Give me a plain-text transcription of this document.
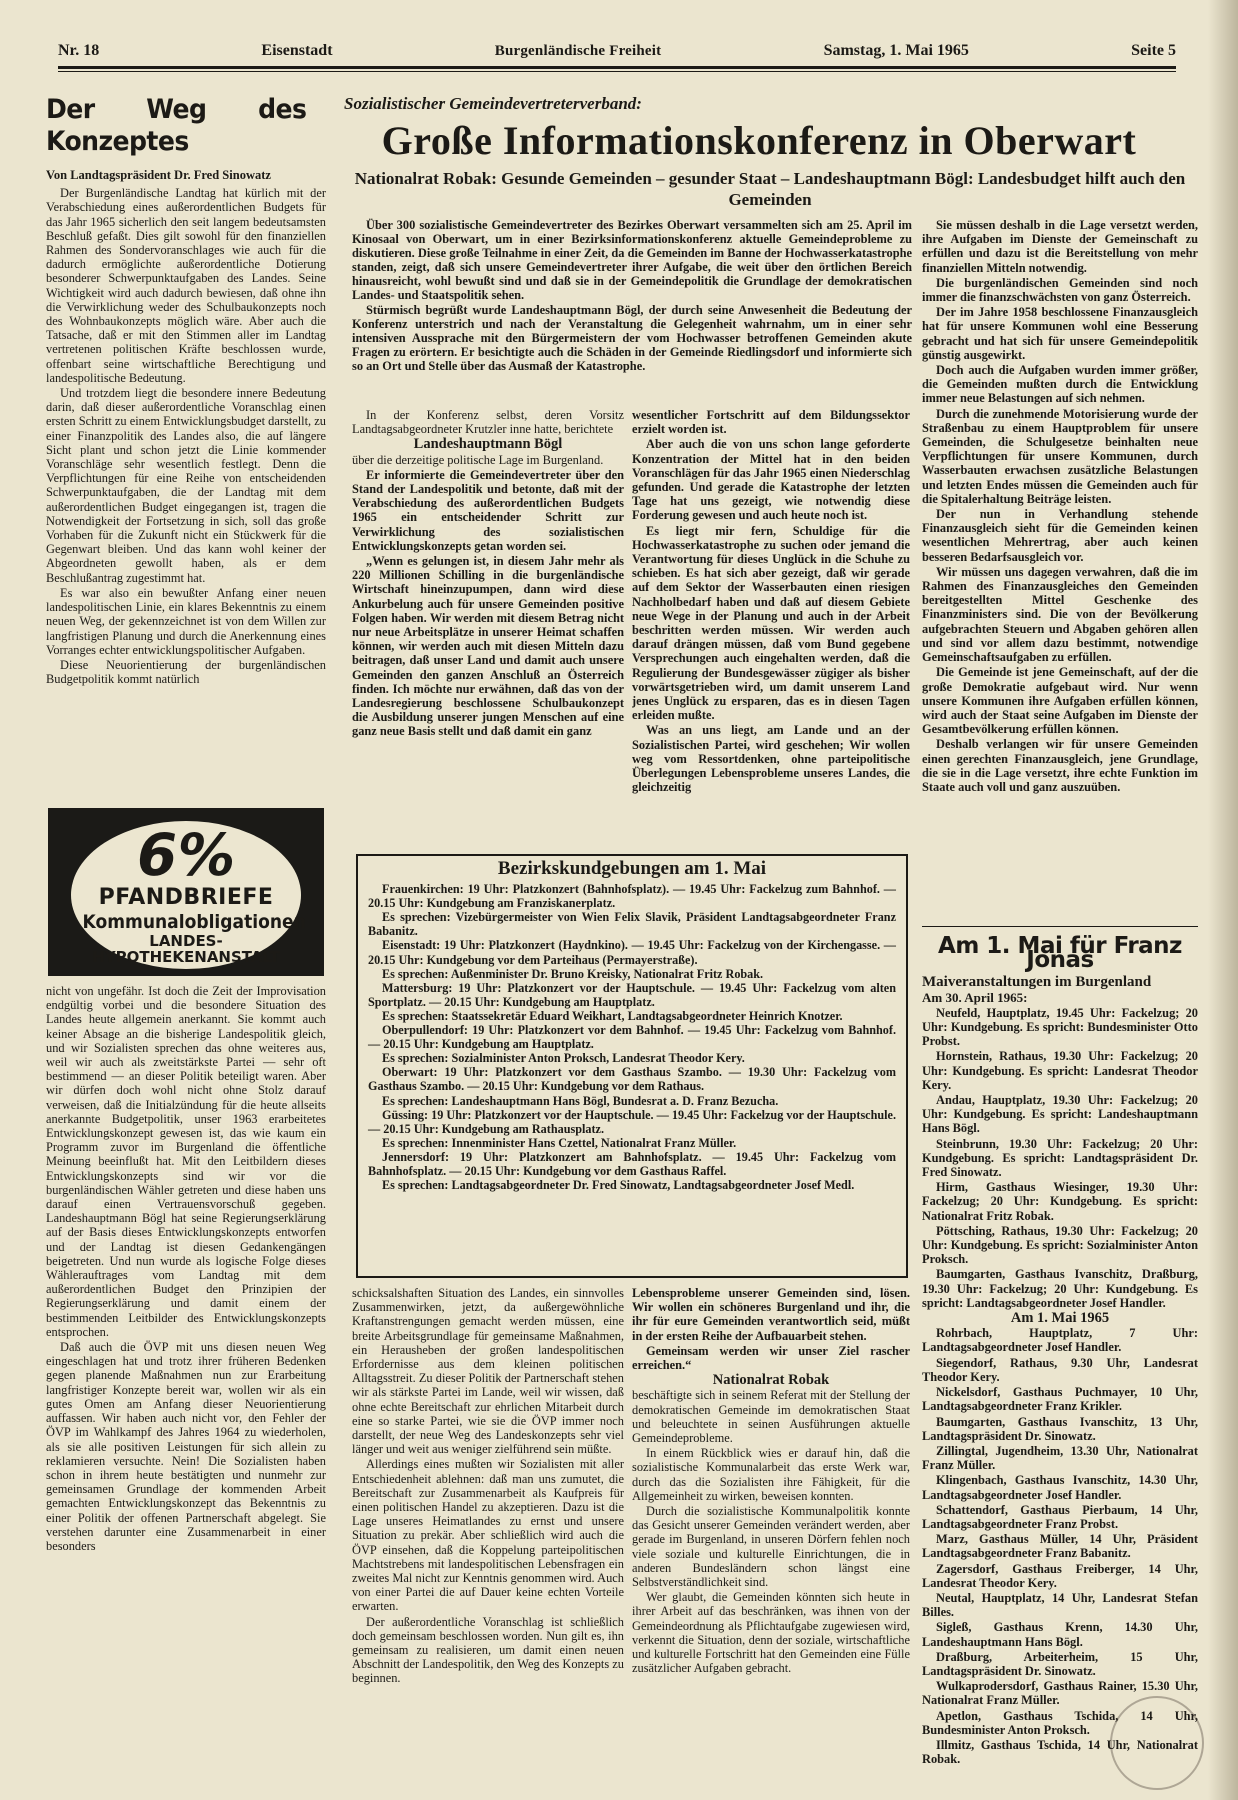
Nr. 18	Eisenstadt	Burgenländische Freiheit	Samstag, 1. Mai 1965	Seite 5
Der Weg des Konzeptes
Von Landtagspräsident Dr. Fred Sinowatz

Der Burgenländische Landtag hat kürlich mit der Verabschiedung eines außerordentlichen Budgets für das Jahr 1965 sicherlich den seit langem bedeutsamsten Beschluß gefaßt. Dies gilt sowohl für den finanziellen Rahmen des Sondervoranschlages wie auch für die dadurch ermöglichte außerordentliche Dotierung besonderer Schwerpunktaufgaben des Landes. Seine Wichtigkeit wird auch dadurch bewiesen, daß ohne ihn die Verwirklichung weder des Schulbaukonzepts noch des Wohnbaukonzepts möglich wäre. Aber auch die Tatsache, daß er mit den Stimmen aller im Landtag vertretenen politischen Kräfte beschlossen wurde, offenbart seine wirtschaftliche Berechtigung und landespolitische Bedeutung.

Und trotzdem liegt die besondere innere Bedeutung darin, daß dieser außerordentliche Voranschlag einen ersten Schritt zu einem Entwicklungsbudget darstellt, zu einer Finanzpolitik des Landes also, die auf längere Sicht plant und schon jetzt die Linie kommender Voranschläge sehr wesentlich festlegt. Denn die Verpflichtungen für eine Reihe von entscheidenden Schwerpunktaufgaben, die der Landtag mit dem außerordentlichen Budget eingegangen ist, tragen die Notwendigkeit der Fortsetzung in sich, soll das große Vorhaben für die Zukunft nicht ein Stückwerk für die Gegenwart bleiben. Und das kann wohl keiner der Abgeordneten gewollt haben, als er dem Beschlußantrag zugestimmt hat.

Es war also ein bewußter Anfang einer neuen landespolitischen Linie, ein klares Bekenntnis zu einem neuen Weg, der gekennzeichnet ist von dem Willen zur langfristigen Planung und durch die Anerkennung eines Vorranges echter entwicklungspolitischer Aufgaben.

Diese Neuorientierung der burgenländischen Budgetpolitik kommt natürlich

6%
PFANDBRIEFE
Kommunalobligationen
LANDES-
HYPOTHEKENANSTALT

nicht von ungefähr. Ist doch die Zeit der Improvisation endgültig vorbei und die besondere Situation des Landes heute allgemein anerkannt. Sie kommt auch keiner Absage an die bisherige Landespolitik gleich, und wir Sozialisten sprechen das ohne weiteres aus, weil wir auch als zweitstärkste Partei — sehr oft bestimmend — an dieser Politik beteiligt waren. Aber wir dürfen doch wohl nicht ohne Stolz darauf verweisen, daß die Initialzündung für die heute allseits anerkannte Budgetpolitik, unser 1963 erarbeitetes Entwicklungskonzept gewesen ist, das wie kaum ein Programm zuvor im Burgenland die öffentliche Meinung beeinflußt hat. Mit den Leitbildern dieses Entwicklungskonzepts sind wir vor die burgenländischen Wähler getreten und diese haben uns darauf einen Vertrauensvorschuß gegeben. Landeshauptmann Bögl hat seine Regierungserklärung auf der Basis dieses Entwicklungskonzepts entworfen und der Landtag ist diesen Gedankengängen beigetreten. Und nun wurde als logische Folge dieses Wählerauftrages vom Landtag mit dem außerordentlichen Budget den Prinzipien der Regierungserklärung und damit einem der bestimmenden Leitbilder des Entwicklungskonzepts entsprochen.

Daß auch die ÖVP mit uns diesen neuen Weg eingeschlagen hat und trotz ihrer früheren Bedenken gegen planende Maßnahmen nun zur Erarbeitung langfristiger Konzepte bereit war, wollen wir als ein gutes Omen am Anfang dieser Neuorientierung auffassen. Wir haben auch nicht vor, den Fehler der ÖVP im Wahlkampf des Jahres 1964 zu wiederholen, als sie alle positiven Leistungen für sich allein zu reklamieren versuchte. Nein! Die Sozialisten haben schon in ihrem heute bestätigten und nunmehr zur gemeinsamen Grundlage der kommenden Arbeit gemachten Entwicklungskonzept das Bekenntnis zu einer Politik der offenen Partnerschaft abgelegt. Sie verstehen darunter eine Zusammenarbeit in einer besonders

Sozialistischer Gemeindevertreterverband:
Große Informationskonferenz in Oberwart
Nationalrat Robak: Gesunde Gemeinden – gesunder Staat – Landeshauptmann Bögl: Landesbudget hilft auch den Gemeinden

Über 300 sozialistische Gemeindevertreter des Bezirkes Oberwart versammelten sich am 25. April im Kinosaal von Oberwart, um in einer Bezirksinformationskonferenz aktuelle Gemeindeprobleme zu diskutieren. Diese große Teilnahme in einer Zeit, da die Gemeinden im Banne der Hochwasserkatastrophe standen, zeigt, daß sich unsere Gemeindevertreter ihrer Aufgabe, die weit über den örtlichen Bereich hinausreicht, wohl bewußt sind und daß sie in der Gemeindepolitik die Grundlage der demokratischen Landes- und Staatspolitik sehen.

Stürmisch begrüßt wurde Landeshauptmann Bögl, der durch seine Anwesenheit die Bedeutung der Konferenz unterstrich und nach der Veranstaltung die Gelegenheit wahrnahm, um in einer sehr intensiven Aussprache mit den Bürgermeistern der vom Hochwasser betroffenen Gemeinden akute Fragen zu erörtern. Er besichtigte auch die Schäden in der Gemeinde Riedlingsdorf und informierte sich so an Ort und Stelle über das Ausmaß der Katastrophe.

In der Konferenz selbst, deren Vorsitz Landtagsabgeordneter Krutzler inne hatte, berichtete

Landeshauptmann Bögl

über die derzeitige politische Lage im Burgenland.

Er informierte die Gemeindevertreter über den Stand der Landespolitik und betonte, daß mit der Verabschiedung des außerordentlichen Budgets 1965 ein entscheidender Schritt zur Verwirklichung des sozialistischen Entwicklungskonzepts getan worden sei.

„Wenn es gelungen ist, in diesem Jahr mehr als 220 Millionen Schilling in die burgenländische Wirtschaft hineinzupumpen, dann wird diese Ankurbelung auch für unsere Gemeinden positive Folgen haben. Wir werden mit diesem Betrag nicht nur neue Arbeitsplätze in unserer Heimat schaffen können, wir werden auch mit diesen Mitteln dazu beitragen, daß unser Land und damit auch unsere Gemeinden den ganzen Anschluß an Österreich finden. Ich möchte nur erwähnen, daß das von der Landesregierung beschlossene Schulbaukonzept die Ausbildung unserer jungen Menschen auf eine ganz neue Basis stellt und daß damit ein ganz

wesentlicher Fortschritt auf dem Bildungssektor erzielt worden ist.

Aber auch die von uns schon lange geforderte Konzentration der Mittel hat in den beiden Voranschlägen für das Jahr 1965 einen Niederschlag gefunden. Und gerade die Katastrophe der letzten Tage hat uns gezeigt, wie notwendig diese Forderung gewesen und auch heute noch ist.

Es liegt mir fern, Schuldige für die Hochwasserkatastrophe zu suchen oder jemand die Verantwortung für dieses Unglück in die Schuhe zu schieben. Es hat sich aber gezeigt, daß wir gerade auf dem Sektor der Wasserbauten einen riesigen Nachholbedarf haben und daß auf diesem Gebiete neue Wege in der Planung und auch in der Arbeit beschritten werden müssen. Wir werden auch darauf drängen müssen, daß vom Bund gegebene Versprechungen auch eingehalten werden, daß die Regulierung der Bundesgewässer zügiger als bisher vorwärtsgetrieben wird, um damit unserem Land jenes Unglück zu ersparen, das es in diesen Tagen erleiden mußte.

Was an uns liegt, am Lande und an der Sozialistischen Partei, wird geschehen; Wir wollen weg vom Ressortdenken, ohne parteipolitische Überlegungen Lebensprobleme unseres Landes, die gleichzeitig

Sie müssen deshalb in die Lage versetzt werden, ihre Aufgaben im Dienste der Gemeinschaft zu erfüllen und dazu ist die Bereitstellung von mehr finanziellen Mitteln notwendig.

Die burgenländischen Gemeinden sind noch immer die finanzschwächsten von ganz Österreich.

Der im Jahre 1958 beschlossene Finanzausgleich hat für unsere Kommunen wohl eine Besserung gebracht und hat sich für unsere Gemeindepolitik günstig ausgewirkt.

Doch auch die Aufgaben wurden immer größer, die Gemeinden mußten durch die Entwicklung immer neue Belastungen auf sich nehmen.

Durch die zunehmende Motorisierung wurde der Straßenbau zu einem Hauptproblem für unsere Gemeinden, die Schulgesetze beinhalten neue Verpflichtungen für unsere Kommunen, durch Wasserbauten erwachsen zusätzliche Belastungen und letzten Endes müssen die Gemeinden auch für die Spitalerhaltung Beiträge leisten.

Der nun in Verhandlung stehende Finanzausgleich sieht für die Gemeinden keinen wesentlichen Mehrertrag, aber auch keinen besseren Bedarfsausgleich vor.

Wir müssen uns dagegen verwahren, daß die im Rahmen des Finanzausgleiches den Gemeinden bereitgestellten Mittel Geschenke des Finanzministers sind. Die von der Bevölkerung aufgebrachten Steuern und Abgaben gehören allen und sind vor allem dazu bestimmt, notwendige Gemeinschaftsaufgaben zu erfüllen.

Die Gemeinde ist jene Gemeinschaft, auf der die große Demokratie aufgebaut wird. Nur wenn unsere Kommunen ihre Aufgaben erfüllen können, wird auch der Staat seine Aufgaben im Dienste der Gesamtbevölkerung erfüllen können.

Deshalb verlangen wir für unsere Gemeinden einen gerechten Finanzausgleich, jene Grundlage, die sie in die Lage versetzt, ihre echte Funktion im Staate auch voll und ganz auszuüben.

Bezirkskundgebungen am 1. Mai

Frauenkirchen: 19 Uhr: Platzkonzert (Bahnhofsplatz). — 19.45 Uhr: Fackelzug zum Bahnhof. — 20.15 Uhr: Kundgebung am Franziskanerplatz.

Es sprechen: Vizebürgermeister von Wien Felix Slavik, Präsident Landtagsabgeordneter Franz Babanitz.

Eisenstadt: 19 Uhr: Platzkonzert (Haydnkino). — 19.45 Uhr: Fackelzug von der Kirchengasse. — 20.15 Uhr: Kundgebung vor dem Parteihaus (Permayerstraße).

Es sprechen: Außenminister Dr. Bruno Kreisky, Nationalrat Fritz Robak.

Mattersburg: 19 Uhr: Platzkonzert vor der Hauptschule. — 19.45 Uhr: Fackelzug vom alten Sportplatz. — 20.15 Uhr: Kundgebung am Hauptplatz.

Es sprechen: Staatssekretär Eduard Weikhart, Landtagsabgeordneter Heinrich Knotzer.

Oberpullendorf: 19 Uhr: Platzkonzert vor dem Bahnhof. — 19.45 Uhr: Fackelzug vom Bahnhof. — 20.15 Uhr: Kundgebung am Hauptplatz.

Es sprechen: Sozialminister Anton Proksch, Landesrat Theodor Kery.

Oberwart: 19 Uhr: Platzkonzert vor dem Gasthaus Szambo. — 19.30 Uhr: Fackelzug vom Gasthaus Szambo. — 20.15 Uhr: Kundgebung vor dem Rathaus.

Es sprechen: Landeshauptmann Hans Bögl, Bundesrat a. D. Franz Bezucha.

Güssing: 19 Uhr: Platzkonzert vor der Hauptschule. — 19.45 Uhr: Fackelzug vor der Hauptschule. — 20.15 Uhr: Kundgebung am Rathausplatz.

Es sprechen: Innenminister Hans Czettel, Nationalrat Franz Müller.

Jennersdorf: 19 Uhr: Platzkonzert am Bahnhofsplatz. — 19.45 Uhr: Fackelzug vom Bahnhofsplatz. — 20.15 Uhr: Kundgebung vor dem Gasthaus Raffel.

Es sprechen: Landtagsabgeordneter Dr. Fred Sinowatz, Landtagsabgeordneter Josef Medl.

schicksalshaften Situation des Landes, ein sinnvolles Zusammenwirken, jetzt, da außergewöhnliche Kraftanstrengungen gemacht werden müssen, eine breite Arbeitsgrundlage für gemeinsame Maßnahmen, ein Herausheben der großen landespolitischen Erfordernisse aus dem kleinen politischen Alltagsstreit. Zu dieser Politik der Partnerschaft stehen wir als stärkste Partei im Lande, weil wir wissen, daß ohne echte Bereitschaft zur ehrlichen Mitarbeit durch eine so starke Partei, wie sie die ÖVP immer noch darstellt, der neue Weg des Landeskonzepts sehr viel länger und weit aus weniger zielführend sein müßte.

Allerdings eines mußten wir Sozialisten mit aller Entschiedenheit ablehnen: daß man uns zumutet, die Bereitschaft zur Zusammenarbeit als Kaufpreis für einen politischen Handel zu akzeptieren. Dazu ist die Lage unseres Heimatlandes zu ernst und unsere Situation zu prekär. Aber schließlich wird auch die ÖVP einsehen, daß die Koppelung parteipolitischen Machtstrebens mit landespolitischen Lebensfragen ein zweites Mal nicht zur Kenntnis genommen wird. Auch von einer Partei die auf Dauer keine echten Vorteile erwarten.

Der außerordentliche Voranschlag ist schließlich doch gemeinsam beschlossen worden. Nun gilt es, ihn gemeinsam zu realisieren, um damit einen neuen Abschnitt der Landespolitik, den Weg des Konzepts zu beginnen.

Lebensprobleme unserer Gemeinden sind, lösen. Wir wollen ein schöneres Burgenland und ihr, die ihr für eure Gemeinden verantwortlich seid, müßt in der ersten Reihe der Aufbauarbeit stehen.

Gemeinsam werden wir unser Ziel rascher erreichen.“

Nationalrat Robak

beschäftigte sich in seinem Referat mit der Stellung der demokratischen Gemeinde im demokratischen Staat und beleuchtete in seinen Ausführungen aktuelle Gemeindeprobleme.

In einem Rückblick wies er darauf hin, daß die sozialistische Kommunalarbeit das erste Werk war, durch das die Sozialisten ihre Fähigkeit, für die Allgemeinheit zu wirken, beweisen konnten.

Durch die sozialistische Kommunalpolitik konnte das Gesicht unserer Gemeinden verändert werden, aber gerade im Burgenland, in unseren Dörfern fehlen noch viele soziale und kulturelle Einrichtungen, die in anderen Bundesländern schon längst eine Selbstverständlichkeit sind.

Wer glaubt, die Gemeinden könnten sich heute in ihrer Arbeit auf das beschränken, was ihnen von der Gemeindeordnung als Pflichtaufgabe zugewiesen wird, verkennt die Situation, denn der soziale, wirtschaftliche und kulturelle Fortschritt hat den Gemeinden eine Fülle zusätzlicher Aufgaben gebracht.

Am 1. Mai für Franz Jonas

Maiveranstaltungen im Burgenland

Am 30. April 1965:

Neufeld, Hauptplatz, 19.45 Uhr: Fackelzug; 20 Uhr: Kundgebung. Es spricht: Bundesminister Otto Probst.

Hornstein, Rathaus, 19.30 Uhr: Fackelzug; 20 Uhr: Kundgebung. Es spricht: Landesrat Theodor Kery.

Andau, Hauptplatz, 19.30 Uhr: Fackelzug; 20 Uhr: Kundgebung. Es spricht: Landeshauptmann Hans Bögl.

Steinbrunn, 19.30 Uhr: Fackelzug; 20 Uhr: Kundgebung. Es spricht: Landtagspräsident Dr. Fred Sinowatz.

Hirm, Gasthaus Wiesinger, 19.30 Uhr: Fackelzug; 20 Uhr: Kundgebung. Es spricht: Nationalrat Fritz Robak.

Pöttsching, Rathaus, 19.30 Uhr: Fackelzug; 20 Uhr: Kundgebung. Es spricht: Sozialminister Anton Proksch.

Baumgarten, Gasthaus Ivanschitz, Draßburg, 19.30 Uhr: Fackelzug; 20 Uhr: Kundgebung. Es spricht: Landtagsabgeordneter Josef Handler.

Am 1. Mai 1965

Rohrbach, Hauptplatz, 7 Uhr: Landtagsabgeordneter Josef Handler.

Siegendorf, Rathaus, 9.30 Uhr, Landesrat Theodor Kery.

Nickelsdorf, Gasthaus Puchmayer, 10 Uhr, Landtagsabgeordneter Franz Krikler.

Baumgarten, Gasthaus Ivanschitz, 13 Uhr, Landtagspräsident Dr. Sinowatz.

Zillingtal, Jugendheim, 13.30 Uhr, Nationalrat Franz Müller.

Klingenbach, Gasthaus Ivanschitz, 14.30 Uhr, Landtagsabgeordneter Josef Handler.

Schattendorf, Gasthaus Pierbaum, 14 Uhr, Landtagsabgeordneter Franz Probst.

Marz, Gasthaus Müller, 14 Uhr, Präsident Landtagsabgeordneter Franz Babanitz.

Zagersdorf, Gasthaus Freiberger, 14 Uhr, Landesrat Theodor Kery.

Neutal, Hauptplatz, 14 Uhr, Landesrat Stefan Billes.

Sigleß, Gasthaus Krenn, 14.30 Uhr, Landeshauptmann Hans Bögl.

Draßburg, Arbeiterheim, 15 Uhr, Landtagspräsident Dr. Sinowatz.

Wulkaprodersdorf, Gasthaus Rainer, 15.30 Uhr, Nationalrat Franz Müller.

Apetlon, Gasthaus Tschida, 14 Uhr, Bundesminister Anton Proksch.

Illmitz, Gasthaus Tschida, 14 Uhr, Nationalrat Robak.
